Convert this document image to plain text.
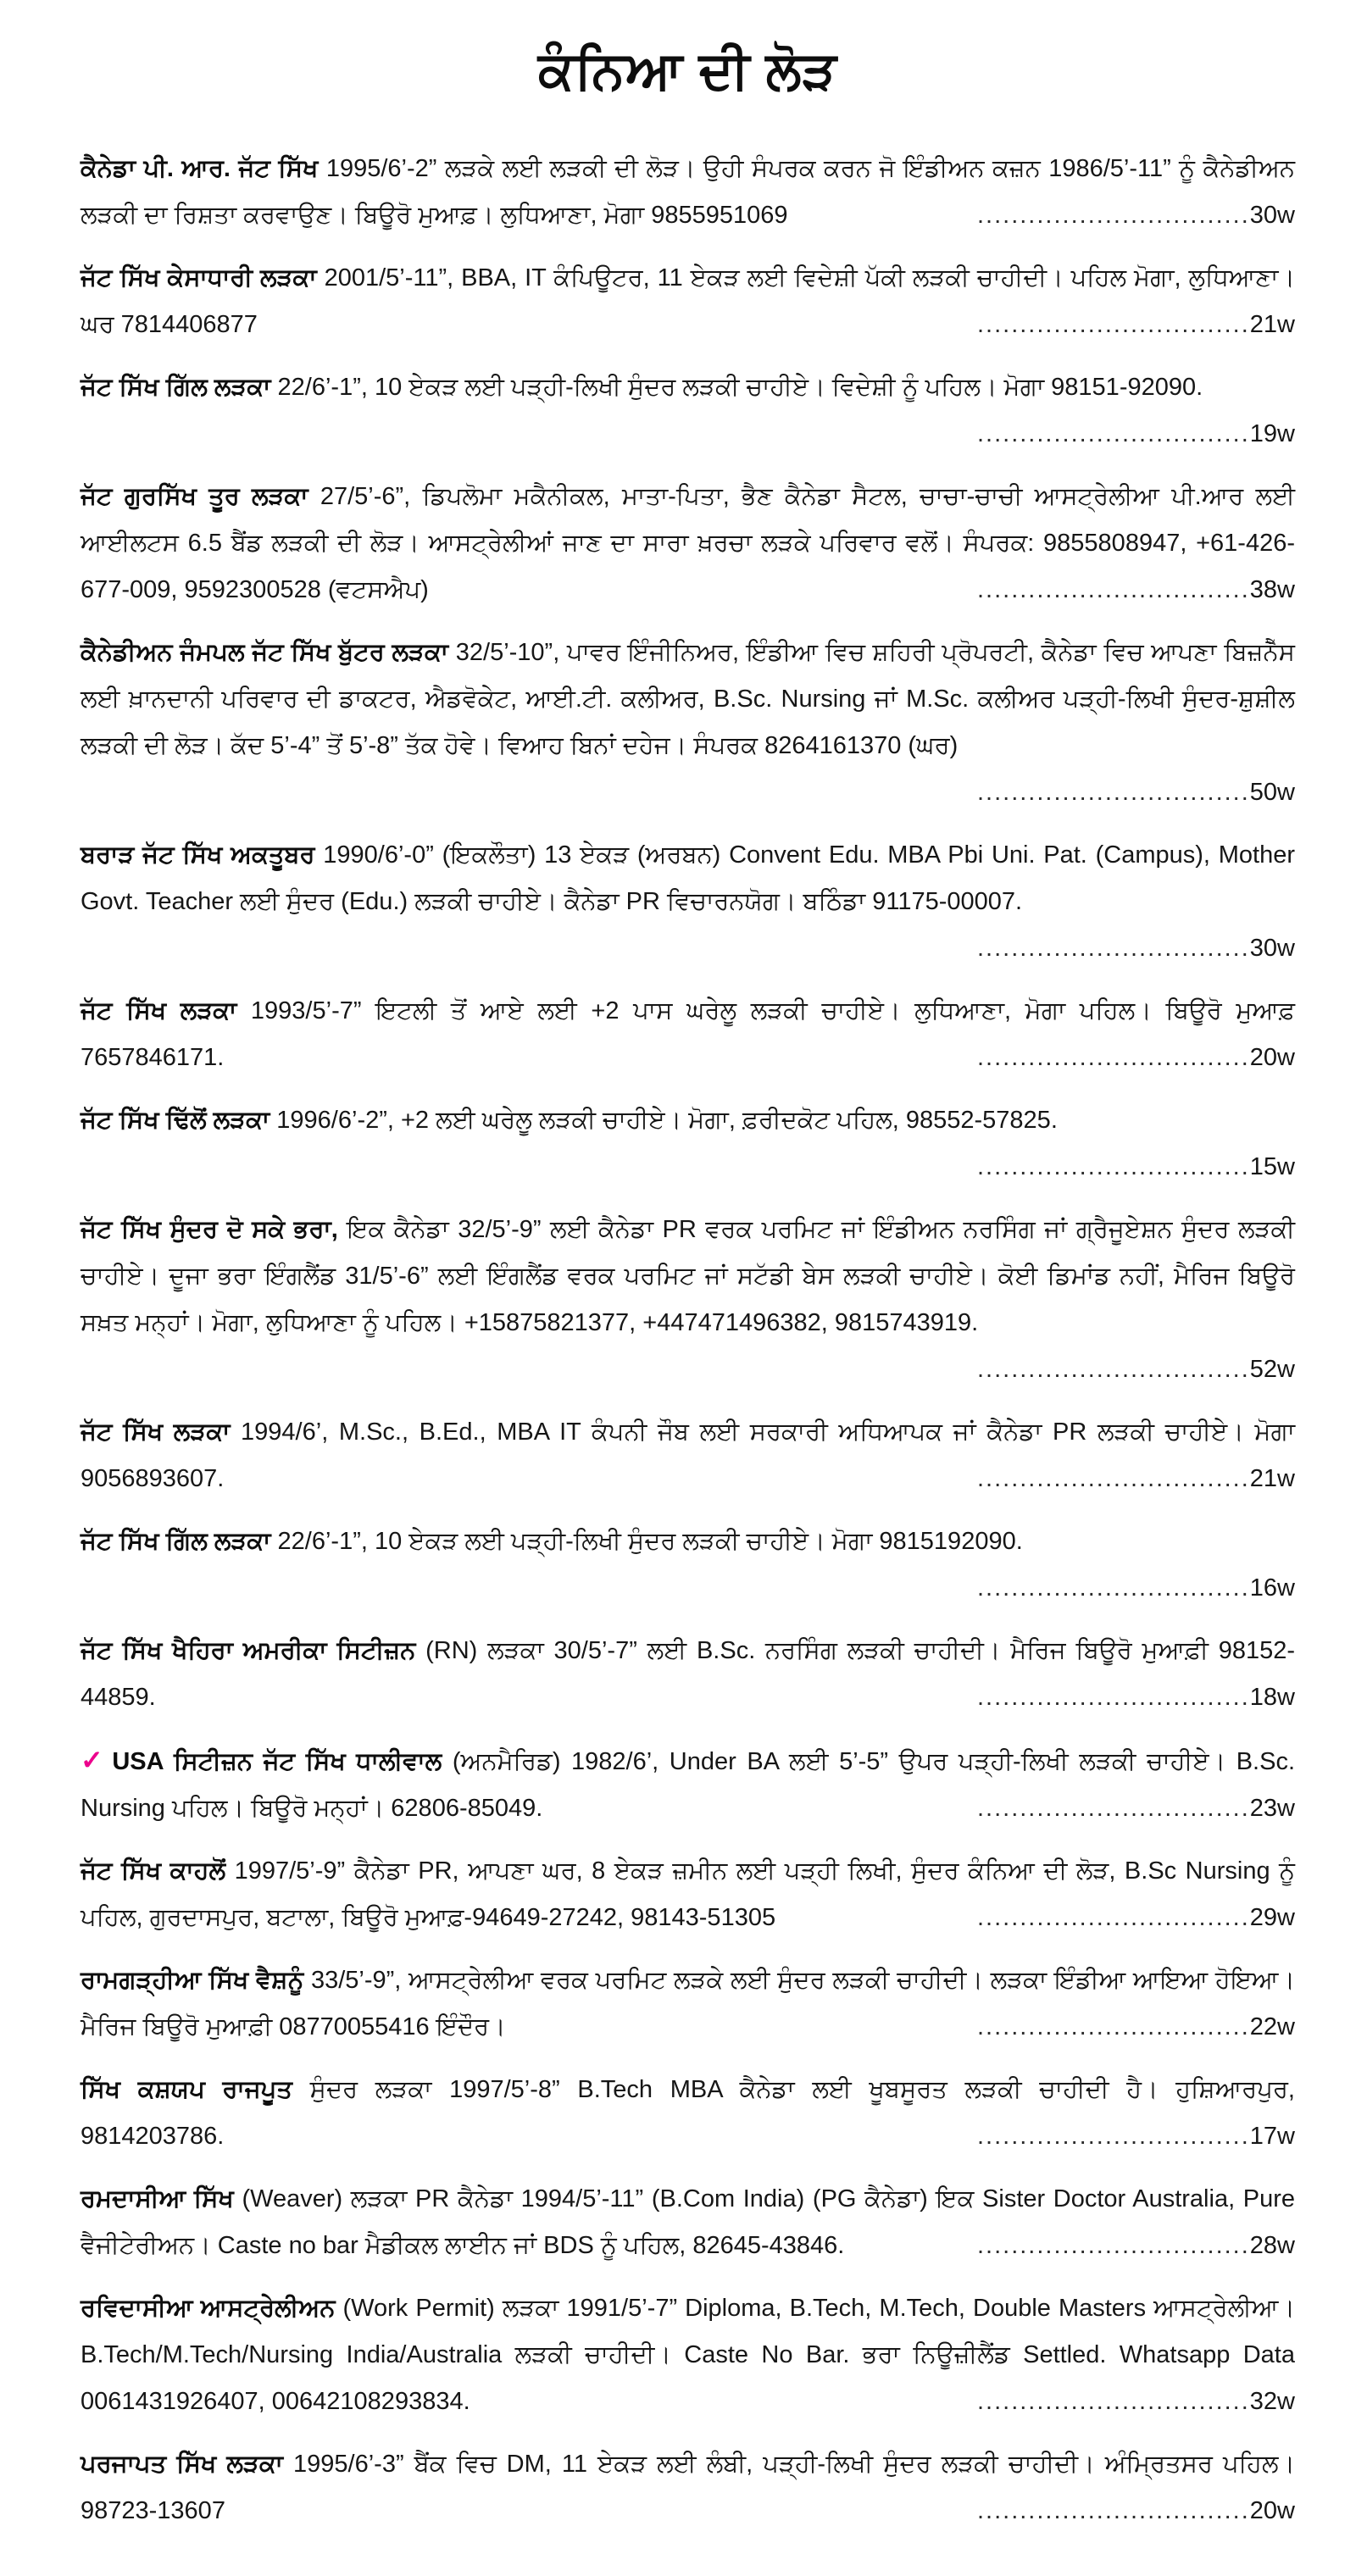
ਕੰਨਿਆ ਦੀ ਲੋੜ
ਕੈਨੇਡਾ ਪੀ. ਆਰ. ਜੱਟ ਸਿੱਖ 1995/6’-2” ਲੜਕੇ ਲਈ ਲੜਕੀ ਦੀ ਲੋੜ। ਉਹੀ ਸੰਪਰਕ ਕਰਨ ਜੋ ਇੰਡੀਅਨ ਕਜ਼ਨ 1986/5’-11” ਨੂੰ ਕੈਨੇਡੀਅਨ ਲੜਕੀ ਦਾ ਰਿਸ਼ਤਾ ਕਰਵਾਉਣ। ਬਿਊਰੋ ਮੁਆਫ਼। ਲੁਧਿਆਣਾ, ਮੋਗਾ 9855951069	................................30w
ਜੱਟ ਸਿੱਖ ਕੇਸਾਧਾਰੀ ਲੜਕਾ 2001/5’-11”, BBA, IT ਕੰਪਿਊਟਰ, 11 ਏਕੜ ਲਈ ਵਿਦੇਸ਼ੀ ਪੱਕੀ ਲੜਕੀ ਚਾਹੀਦੀ। ਪਹਿਲ ਮੋਗਾ, ਲੁਧਿਆਣਾ। ਘਰ 7814406877	................................21w
ਜੱਟ ਸਿੱਖ ਗਿੱਲ ਲੜਕਾ 22/6’-1”, 10 ਏਕੜ ਲਈ ਪੜ੍ਹੀ-ਲਿਖੀ ਸੁੰਦਰ ਲੜਕੀ ਚਾਹੀਏ। ਵਿਦੇਸ਼ੀ ਨੂੰ ਪਹਿਲ। ਮੋਗਾ 98151-92090.
................................19w
ਜੱਟ ਗੁਰਸਿੱਖ ਤੂਰ ਲੜਕਾ 27/5’-6”, ਡਿਪਲੋਮਾ ਮਕੈਨੀਕਲ, ਮਾਤਾ-ਪਿਤਾ, ਭੈਣ ਕੈਨੇਡਾ ਸੈਟਲ, ਚਾਚਾ-ਚਾਚੀ ਆਸਟ੍ਰੇਲੀਆ ਪੀ.ਆਰ ਲਈ ਆਈਲਟਸ 6.5 ਬੈਂਡ ਲੜਕੀ ਦੀ ਲੋੜ। ਆਸਟ੍ਰੇਲੀਆਂ ਜਾਣ ਦਾ ਸਾਰਾ ਖ਼ਰਚਾ ਲੜਕੇ ਪਰਿਵਾਰ ਵਲੋਂ। ਸੰਪਰਕ: 9855808947, +61-426-677-009, 9592300528 (ਵਟਸਐਪ)	................................38w
ਕੈਨੇਡੀਅਨ ਜੰਮਪਲ ਜੱਟ ਸਿੱਖ ਬੁੱਟਰ ਲੜਕਾ 32/5’-10”, ਪਾਵਰ ਇੰਜੀਨਿਅਰ, ਇੰਡੀਆ ਵਿਚ ਸ਼ਹਿਰੀ ਪ੍ਰੋਪਰਟੀ, ਕੈਨੇਡਾ ਵਿਚ ਆਪਣਾ ਬਿਜ਼ਨੈੱਸ ਲਈ ਖ਼ਾਨਦਾਨੀ ਪਰਿਵਾਰ ਦੀ ਡਾਕਟਰ, ਐਡਵੋਕੇਟ, ਆਈ.ਟੀ. ਕਲੀਅਰ, B.Sc. Nursing ਜਾਂ M.Sc. ਕਲੀਅਰ ਪੜ੍ਹੀ-ਲਿਖੀ ਸੁੰਦਰ-ਸ਼ੁਸ਼ੀਲ ਲੜਕੀ ਦੀ ਲੋੜ। ਕੱਦ 5’-4” ਤੋਂ 5’-8” ਤੱਕ ਹੋਵੇ। ਵਿਆਹ ਬਿਨਾਂ ਦਹੇਜ। ਸੰਪਰਕ 8264161370 (ਘਰ)
................................50w
ਬਰਾੜ ਜੱਟ ਸਿੱਖ ਅਕਤੂਬਰ 1990/6’-0” (ਇਕਲੌਤਾ) 13 ਏਕੜ (ਅਰਬਨ) Convent Edu. MBA Pbi Uni. Pat. (Campus), Mother Govt. Teacher ਲਈ ਸੁੰਦਰ (Edu.) ਲੜਕੀ ਚਾਹੀਏ। ਕੈਨੇਡਾ PR ਵਿਚਾਰਨਯੋਗ। ਬਠਿੰਡਾ 91175-00007.
................................30w
ਜੱਟ ਸਿੱਖ ਲੜਕਾ 1993/5’-7” ਇਟਲੀ ਤੋਂ ਆਏ ਲਈ +2 ਪਾਸ ਘਰੇਲੂ ਲੜਕੀ ਚਾਹੀਏ। ਲੁਧਿਆਣਾ, ਮੋਗਾ ਪਹਿਲ। ਬਿਊਰੋ ਮੁਆਫ਼ 7657846171.	................................20w
ਜੱਟ ਸਿੱਖ ਢਿੱਲੋਂ ਲੜਕਾ 1996/6’-2”, +2 ਲਈ ਘਰੇਲੂ ਲੜਕੀ ਚਾਹੀਏ। ਮੋਗਾ, ਫ਼ਰੀਦਕੋਟ ਪਹਿਲ, 98552-57825.
................................15w
ਜੱਟ ਸਿੱਖ ਸੁੰਦਰ ਦੋ ਸਕੇ ਭਰਾ, ਇਕ ਕੈਨੇਡਾ 32/5’-9” ਲਈ ਕੈਨੇਡਾ PR ਵਰਕ ਪਰਮਿਟ ਜਾਂ ਇੰਡੀਅਨ ਨਰਸਿੰਗ ਜਾਂ ਗ੍ਰੈਜੂਏਸ਼ਨ ਸੁੰਦਰ ਲੜਕੀ ਚਾਹੀਏ। ਦੂਜਾ ਭਰਾ ਇੰਗਲੈਂਡ 31/5’-6” ਲਈ ਇੰਗਲੈਂਡ ਵਰਕ ਪਰਮਿਟ ਜਾਂ ਸਟੱਡੀ ਬੇਸ ਲੜਕੀ ਚਾਹੀਏ। ਕੋਈ ਡਿਮਾਂਡ ਨਹੀਂ, ਮੈਰਿਜ ਬਿਊਰੋ ਸਖ਼ਤ ਮਨ੍ਹਾਂ। ਮੋਗਾ, ਲੁਧਿਆਣਾ ਨੂੰ ਪਹਿਲ। +15875821377, +447471496382, 9815743919.
................................52w
ਜੱਟ ਸਿੱਖ ਲੜਕਾ 1994/6’, M.Sc., B.Ed., MBA IT ਕੰਪਨੀ ਜੌਬ ਲਈ ਸਰਕਾਰੀ ਅਧਿਆਪਕ ਜਾਂ ਕੈਨੇਡਾ PR ਲੜਕੀ ਚਾਹੀਏ। ਮੋਗਾ 9056893607.	................................21w
ਜੱਟ ਸਿੱਖ ਗਿੱਲ ਲੜਕਾ 22/6’-1”, 10 ਏਕੜ ਲਈ ਪੜ੍ਹੀ-ਲਿਖੀ ਸੁੰਦਰ ਲੜਕੀ ਚਾਹੀਏ। ਮੋਗਾ 9815192090.
................................16w
ਜੱਟ ਸਿੱਖ ਖੈਹਿਰਾ ਅਮਰੀਕਾ ਸਿਟੀਜ਼ਨ (RN) ਲੜਕਾ 30/5’-7” ਲਈ B.Sc. ਨਰਸਿੰਗ ਲੜਕੀ ਚਾਹੀਦੀ। ਮੈਰਿਜ ਬਿਊਰੋ ਮੁਆਫ਼ੀ 98152-44859.	................................18w
✓ USA ਸਿਟੀਜ਼ਨ ਜੱਟ ਸਿੱਖ ਧਾਲੀਵਾਲ (ਅਨਮੈਰਿਡ) 1982/6’, Under BA ਲਈ 5’-5” ਉਪਰ ਪੜ੍ਹੀ-ਲਿਖੀ ਲੜਕੀ ਚਾਹੀਏ। B.Sc. Nursing ਪਹਿਲ। ਬਿਊਰੋ ਮਨ੍ਹਾਂ। 62806-85049.	................................23w
ਜੱਟ ਸਿੱਖ ਕਾਹਲੋਂ 1997/5’-9” ਕੈਨੇਡਾ PR, ਆਪਣਾ ਘਰ, 8 ਏਕੜ ਜ਼ਮੀਨ ਲਈ ਪੜ੍ਹੀ ਲਿਖੀ, ਸੁੰਦਰ ਕੰਨਿਆ ਦੀ ਲੋੜ, B.Sc Nursing ਨੂੰ ਪਹਿਲ, ਗੁਰਦਾਸਪੁਰ, ਬਟਾਲਾ, ਬਿਊਰੋ ਮੁਆਫ਼-94649-27242, 98143-51305	................................29w
ਰਾਮਗੜ੍ਹੀਆ ਸਿੱਖ ਵੈਸ਼ਨੂੰ 33/5’-9”, ਆਸਟ੍ਰੇਲੀਆ ਵਰਕ ਪਰਮਿਟ ਲੜਕੇ ਲਈ ਸੁੰਦਰ ਲੜਕੀ ਚਾਹੀਦੀ। ਲੜਕਾ ਇੰਡੀਆ ਆਇਆ ਹੋਇਆ। ਮੈਰਿਜ ਬਿਊਰੋ ਮੁਆਫ਼ੀ 08770055416 ਇੰਦੌਰ।	................................22w
ਸਿੱਖ ਕਸ਼ਯਪ ਰਾਜਪੂਤ ਸੁੰਦਰ ਲੜਕਾ 1997/5’-8” B.Tech MBA ਕੈਨੇਡਾ ਲਈ ਖੂਬਸੂਰਤ ਲੜਕੀ ਚਾਹੀਦੀ ਹੈ। ਹੁਸ਼ਿਆਰਪੁਰ, 9814203786.	................................17w
ਰਮਦਾਸੀਆ ਸਿੱਖ (Weaver) ਲੜਕਾ PR ਕੈਨੇਡਾ 1994/5’-11” (B.Com India) (PG ਕੈਨੇਡਾ) ਇਕ Sister Doctor Australia, Pure ਵੈਜੀਟੇਰੀਅਨ। Caste no bar ਮੈਡੀਕਲ ਲਾਈਨ ਜਾਂ BDS ਨੂੰ ਪਹਿਲ, 82645-43846.	................................28w
ਰਵਿਦਾਸੀਆ ਆਸਟ੍ਰੇਲੀਅਨ (Work Permit) ਲੜਕਾ 1991/5’-7” Diploma, B.Tech, M.Tech, Double Masters ਆਸਟ੍ਰੇਲੀਆ। B.Tech/M.Tech/Nursing India/Australia ਲੜਕੀ ਚਾਹੀਦੀ। Caste No Bar. ਭਰਾ ਨਿਊਜ਼ੀਲੈਂਡ Settled. Whatsapp Data 0061431926407, 00642108293834.	................................32w
ਪਰਜਾਪਤ ਸਿੱਖ ਲੜਕਾ 1995/6’-3” ਬੈਂਕ ਵਿਚ DM, 11 ਏਕੜ ਲਈ ਲੰਬੀ, ਪੜ੍ਹੀ-ਲਿਖੀ ਸੁੰਦਰ ਲੜਕੀ ਚਾਹੀਦੀ। ਅੰਮ੍ਰਿਤਸਰ ਪਹਿਲ। 98723-13607	................................20w
